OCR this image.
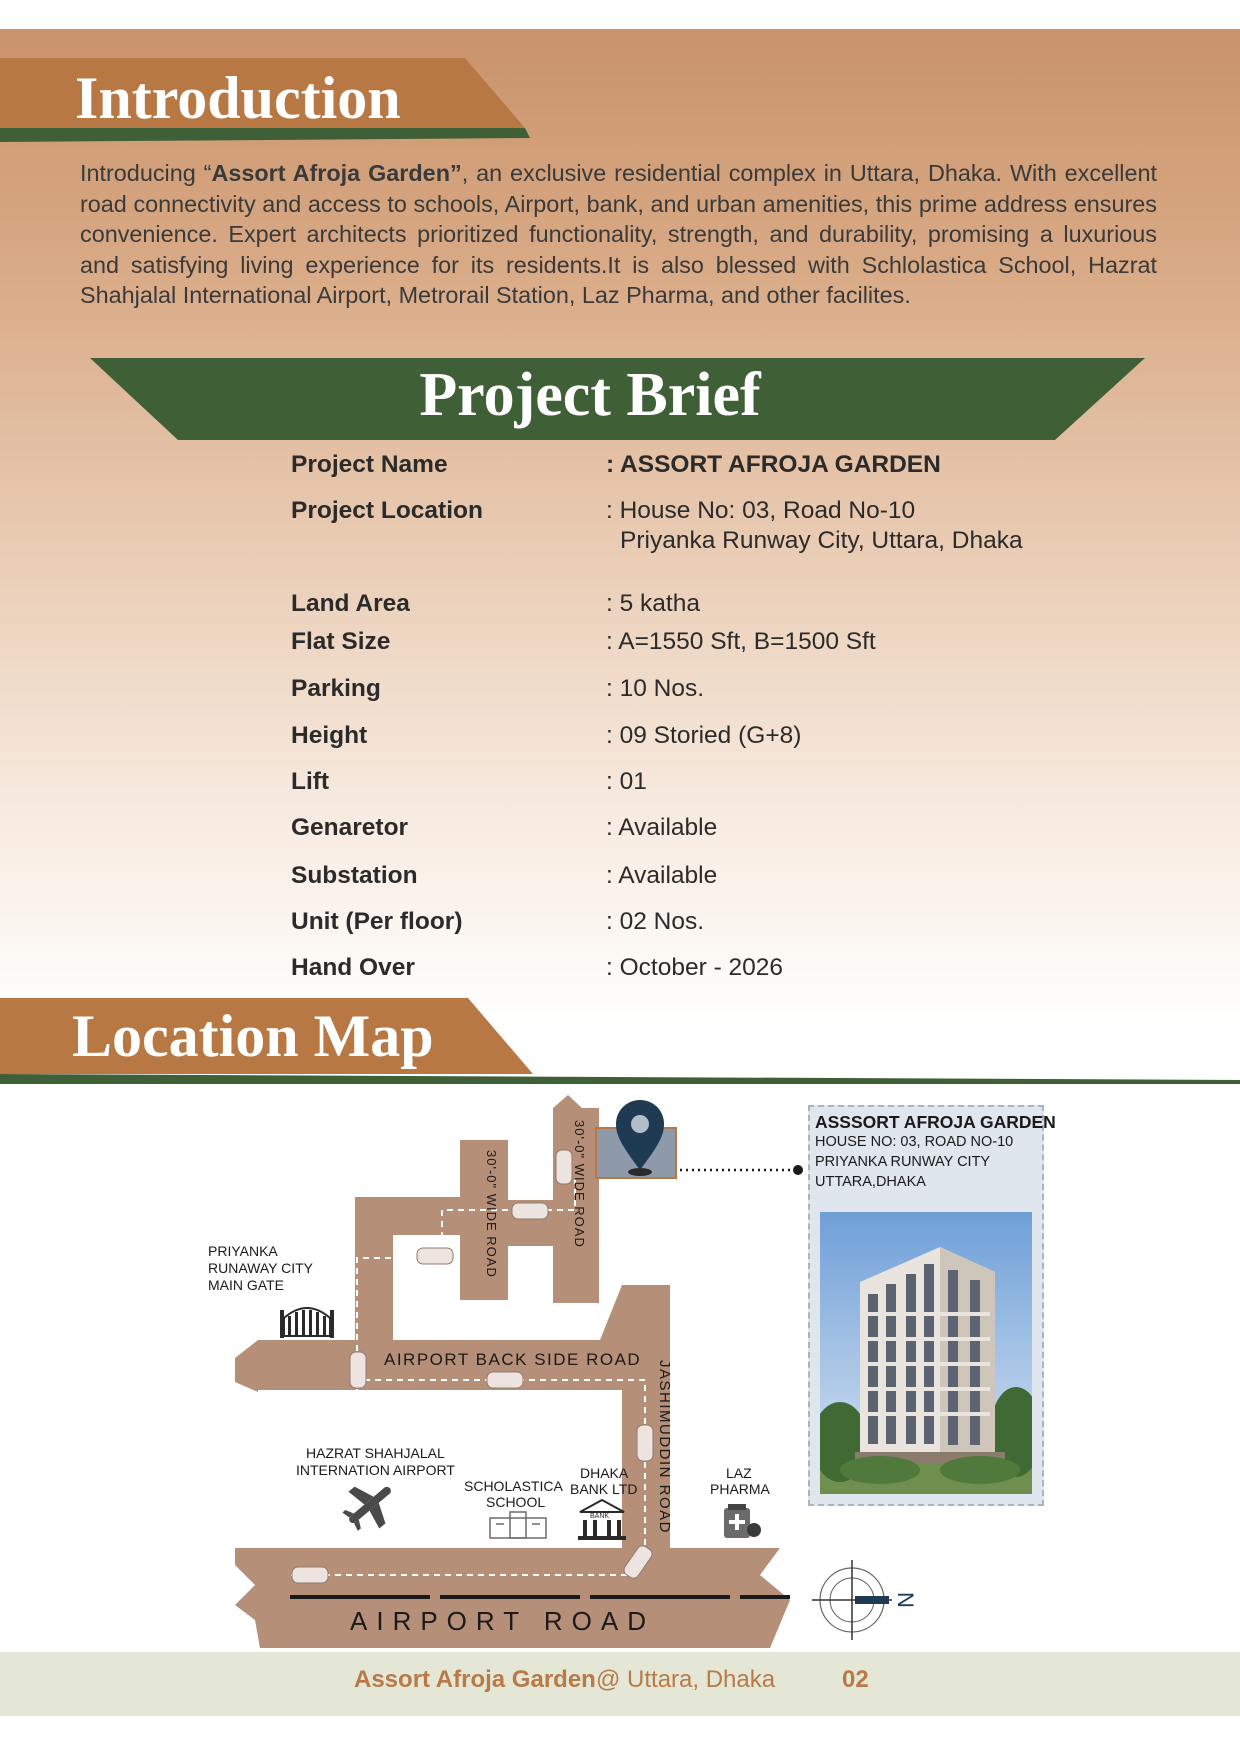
Introduction

Introducing “Assort Afroja Garden”, an exclusive residential complex in Uttara, Dhaka. With excellent road connectivity and access to schools, Airport, bank, and urban amenities, this prime address ensures convenience. Expert architects prioritized functionality, strength, and durability, promising a luxurious and satisfying living experience for its residents.It is also blessed with Schlolastica School, Hazrat Shahjalal International Airport, Metrorail Station, Laz Pharma, and other facilites.

Project Brief
Project Name	: ASSORT AFROJA GARDEN
Project Location	: House No: 03, Road No-10
Priyanka Runway City, Uttara, Dhaka
Land Area	: 5 katha
Flat Size	: A=1550 Sft, B=1500 Sft
Parking	: 10 Nos.
Height	: 09 Storied (G+8)
Lift	: 01
Genaretor	: Available
Substation	: Available
Unit (Per floor)	: 02 Nos.
Hand Over	: October - 2026
Location Map
AIRPORT BACK SIDE ROAD
AIRPORT ROAD
JASHIMUDDIN ROAD
30'-0" WIDE ROAD	30'-0" WIDE ROAD
PRIYANKA
RUNAWAY CITY
MAIN GATE
HAZRAT SHAHJALAL
INTERNATION AIRPORT
SCHOLASTICA
SCHOOL
DHAKA
BANK LTD
BANK
LAZ
PHARMA
N
ASSSORT AFROJA GARDEN
HOUSE NO: 03, ROAD NO-10
PRIYANKA RUNWAY CITY
UTTARA,DHAKA
Assort Afroja Garden @ Uttara, Dhaka	02
